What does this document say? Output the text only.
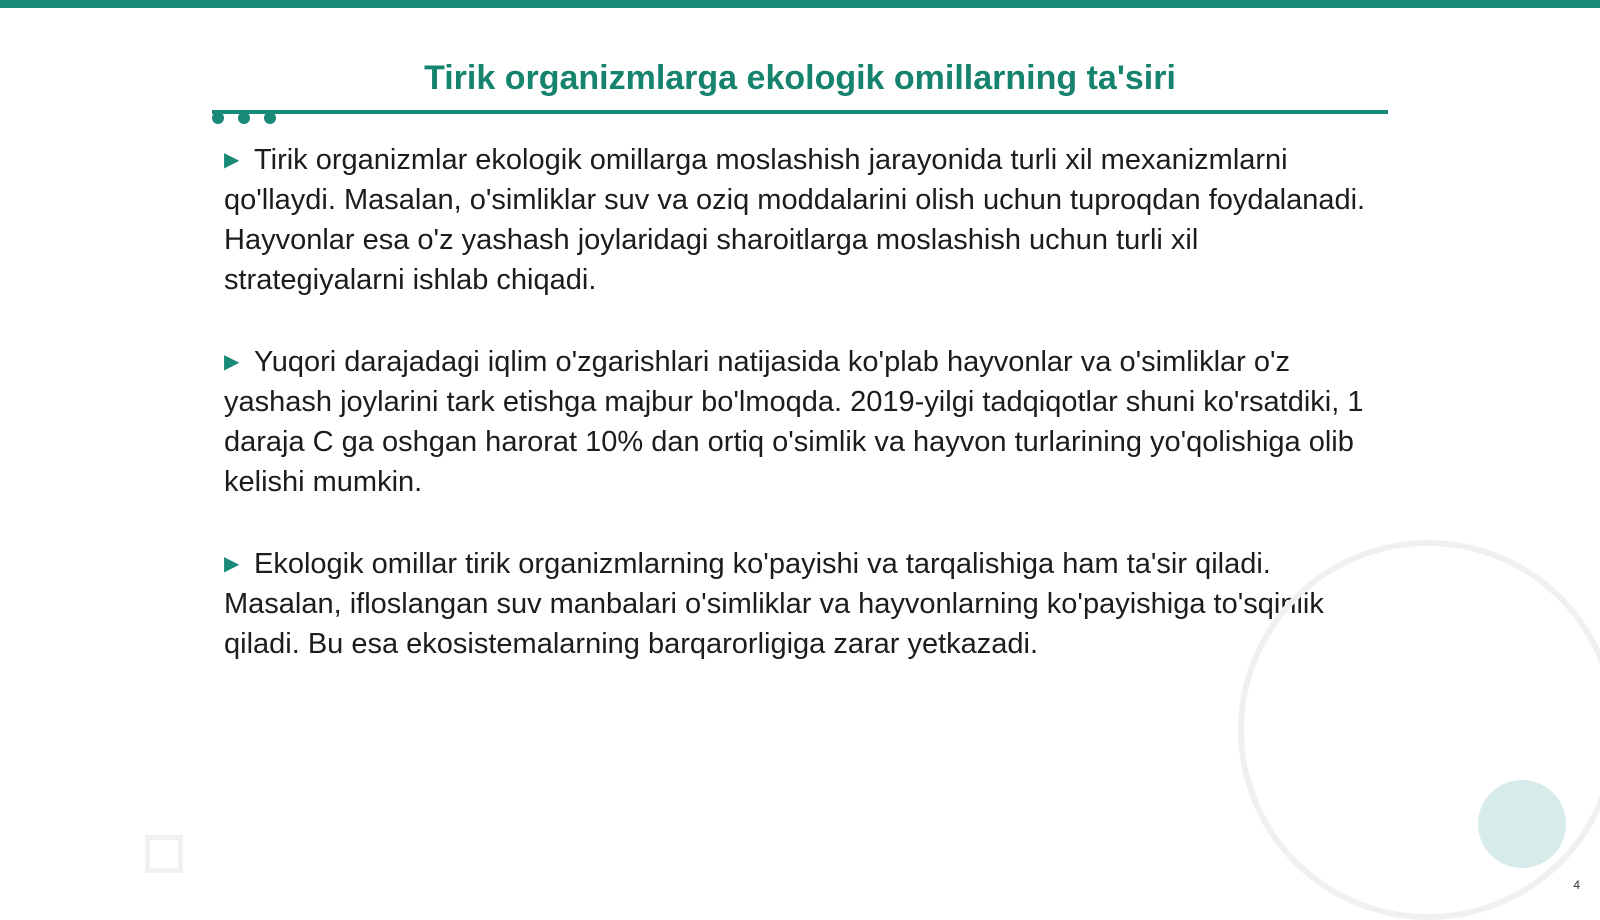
Tirik organizmlarga ekologik omillarning ta'siri

▶ Tirik organizmlar ekologik omillarga moslashish jarayonida turli xil mexanizmlarni qo'llaydi. Masalan, o'simliklar suv va oziq moddalarini olish uchun tuproqdan foydalanadi. Hayvonlar esa o'z yashash joylaridagi sharoitlarga moslashish uchun turli xil strategiyalarni ishlab chiqadi.

▶ Yuqori darajadagi iqlim o'zgarishlari natijasida ko'plab hayvonlar va o'simliklar o'z yashash joylarini tark etishga majbur bo'lmoqda. 2019-yilgi tadqiqotlar shuni ko'rsatdiki, 1 daraja C ga oshgan harorat 10% dan ortiq o'simlik va hayvon turlarining yo'qolishiga olib kelishi mumkin.

▶ Ekologik omillar tirik organizmlarning ko'payishi va tarqalishiga ham ta'sir qiladi. Masalan, ifloslangan suv manbalari o'simliklar va hayvonlarning ko'payishiga to'sqinlik qiladi. Bu esa ekosistemalarning barqarorligiga zarar yetkazadi.

4
